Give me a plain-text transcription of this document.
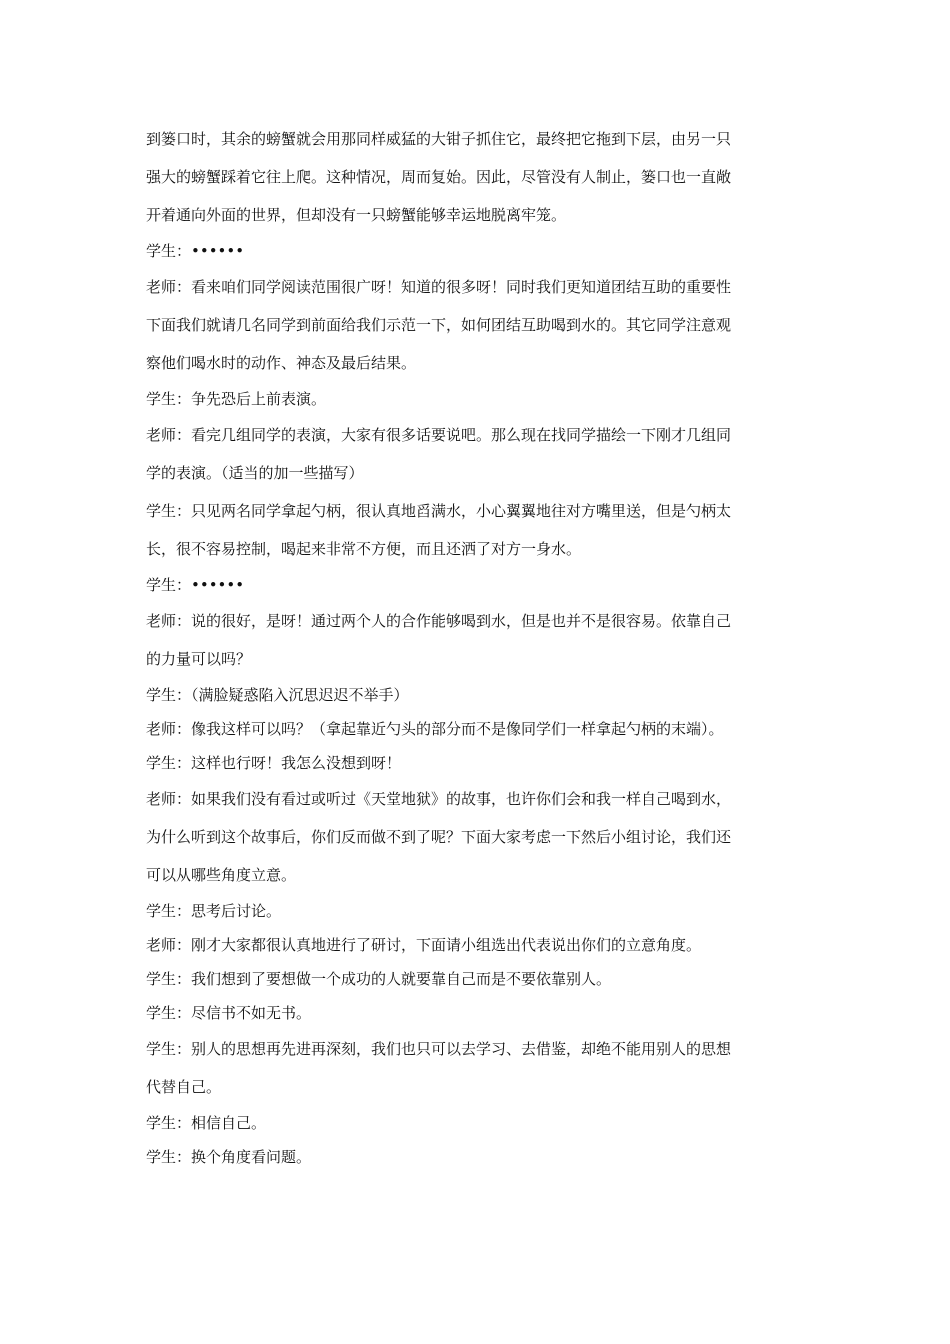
到篓口时，其余的螃蟹就会用那同样威猛的大钳子抓住它，最终把它拖到下层，由另一只
强大的螃蟹踩着它往上爬。这种情况，周而复始。因此，尽管没有人制止，篓口也一直敞
开着通向外面的世界，但却没有一只螃蟹能够幸运地脱离牢笼。
学生：••••••
老师：看来咱们同学阅读范围很广呀！知道的很多呀！同时我们更知道团结互助的重要性
下面我们就请几名同学到前面给我们示范一下，如何团结互助喝到水的。其它同学注意观
察他们喝水时的动作、神态及最后结果。
学生：争先恐后上前表演。
老师：看完几组同学的表演，大家有很多话要说吧。那么现在找同学描绘一下刚才几组同
学的表演。（适当的加一些描写）
学生：只见两名同学拿起勺柄，很认真地舀满水，小心翼翼地往对方嘴里送，但是勺柄太
长，很不容易控制，喝起来非常不方便，而且还洒了对方一身水。
学生：••••••
老师：说的很好，是呀！通过两个人的合作能够喝到水，但是也并不是很容易。依靠自己
的力量可以吗？
学生：（满脸疑惑陷入沉思迟迟不举手）
老师：像我这样可以吗？（拿起靠近勺头的部分而不是像同学们一样拿起勺柄的末端）。
学生：这样也行呀！我怎么没想到呀！
老师：如果我们没有看过或听过《天堂地狱》的故事，也许你们会和我一样自己喝到水，
为什么听到这个故事后，你们反而做不到了呢？下面大家考虑一下然后小组讨论，我们还
可以从哪些角度立意。
学生：思考后讨论。
老师：刚才大家都很认真地进行了研讨，下面请小组选出代表说出你们的立意角度。
学生：我们想到了要想做一个成功的人就要靠自己而是不要依靠别人。
学生：尽信书不如无书。
学生：别人的思想再先进再深刻，我们也只可以去学习、去借鉴，却绝不能用别人的思想
代替自己。
学生：相信自己。
学生：换个角度看问题。
